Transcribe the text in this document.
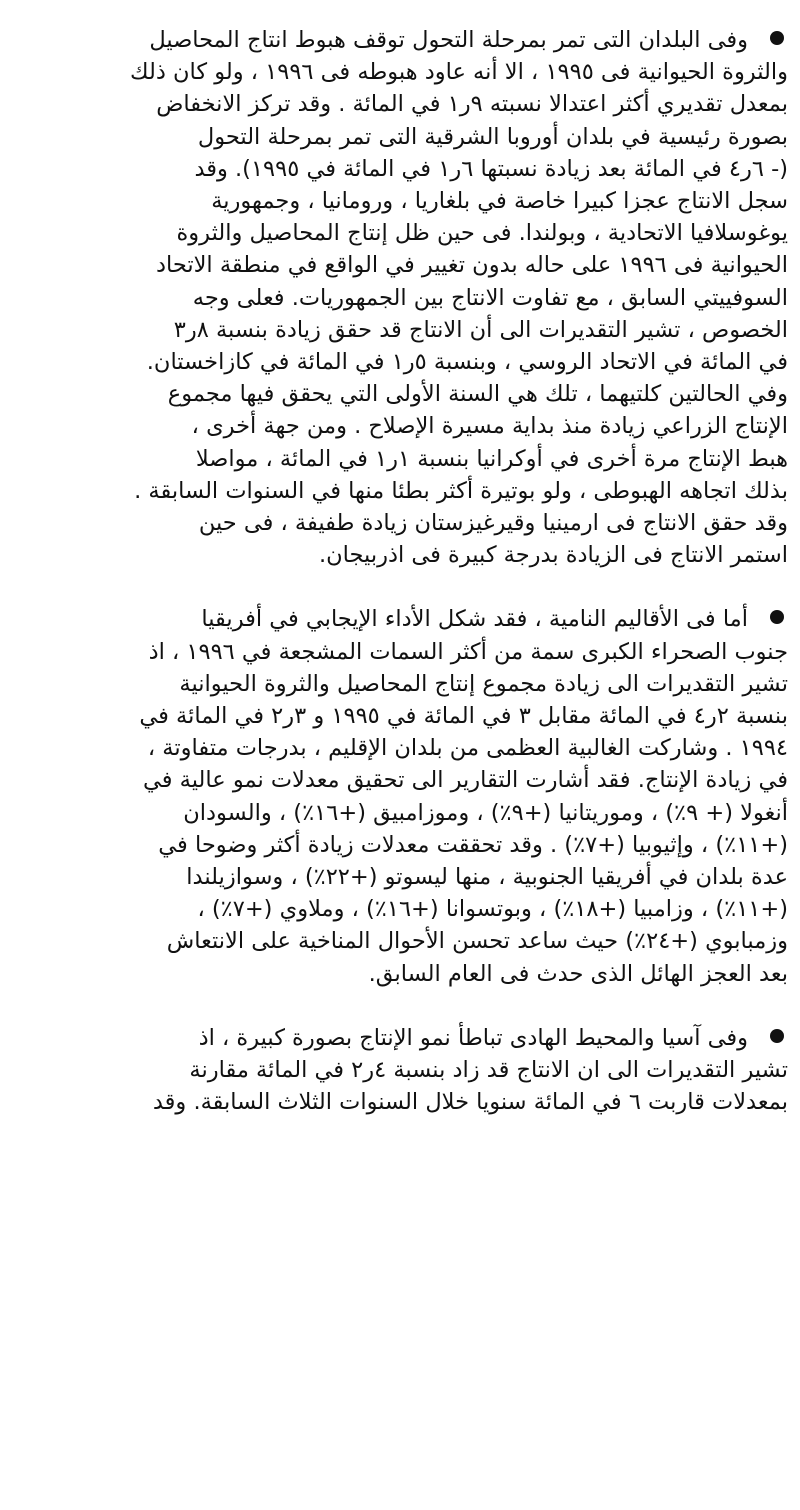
وفى البلدان التى تمر بمرحلة التحول توقف هبوط انتاج المحاصيل
والثروة الحيوانية فى ١٩٩٥ ، الا أنه عاود هبوطه فى ١٩٩٦ ، ولو كان ذلك
بمعدل تقديري أكثر اعتدالا نسبته ٩ر١ في المائة . وقد تركز الانخفاض
بصورة رئيسية في بلدان أوروبا الشرقية التى تمر بمرحلة التحول
(- ٦ر٤ في المائة بعد زيادة نسبتها ٦ر١ في المائة في ١٩٩٥). وقد
سجل الانتاج عجزا كبيرا خاصة في بلغاريا ، ورومانيا ، وجمهورية
يوغوسلافيا الاتحادية ، وبولندا. فى حين ظل إنتاج المحاصيل والثروة
الحيوانية فى ١٩٩٦ على حاله بدون تغيير في الواقع في منطقة الاتحاد
السوفييتي السابق ، مع تفاوت الانتاج بين الجمهوريات. فعلى وجه
الخصوص ، تشير التقديرات الى أن الانتاج قد حقق زيادة بنسبة ٨ر٣
في المائة في الاتحاد الروسي ، وبنسبة ٥ر١ في المائة في كازاخستان.
وفي الحالتين كلتيهما ، تلك هي السنة الأولى التي يحقق فيها مجموع
الإنتاج الزراعي زيادة منذ بداية مسيرة الإصلاح . ومن جهة أخرى ،
هبط الإنتاج مرة أخرى في أوكرانيا بنسبة ١ر١ في المائة ، مواصلا
بذلك اتجاهه الهبوطى ، ولو بوتيرة أكثر بطئا منها في السنوات السابقة .
وقد حقق الانتاج فى ارمينيا وقيرغيزستان زيادة طفيفة ، فى حين
استمر الانتاج فى الزيادة بدرجة كبيرة فى اذربيجان.

أما فى الأقاليم النامية ، فقد شكل الأداء الإيجابي في أفريقيا
جنوب الصحراء الكبرى سمة من أكثر السمات المشجعة في ١٩٩٦ ، اذ
تشير التقديرات الى زيادة مجموع إنتاج المحاصيل والثروة الحيوانية
بنسبة ٢ر٤ في المائة مقابل ٣ في المائة في ١٩٩٥ و ٣ر٢ في المائة في
١٩٩٤ . وشاركت الغالبية العظمى من بلدان الإقليم ، بدرجات متفاوتة ،
في زيادة الإنتاج. فقد أشارت التقارير الى تحقيق معدلات نمو عالية في
أنغولا (+ ٩٪) ، وموريتانيا (+٩٪) ، وموزامبيق (+١٦٪) ، والسودان
(+١١٪) ، وإثيوبيا (+٧٪) . وقد تحققت معدلات زيادة أكثر وضوحا في
عدة بلدان في أفريقيا الجنوبية ، منها ليسوتو (+٢٢٪) ، وسوازيلندا
(+١١٪) ، وزامبيا (+١٨٪) ، وبوتسوانا (+١٦٪) ، وملاوي (+٧٪) ،
وزمبابوي (+٢٤٪) حيث ساعد تحسن الأحوال المناخية على الانتعاش
بعد العجز الهائل الذى حدث فى العام السابق.

وفى آسيا والمحيط الهادى تباطأ نمو الإنتاج بصورة كبيرة ، اذ
تشير التقديرات الى ان الانتاج قد زاد بنسبة ٤ر٢ في المائة مقارنة
بمعدلات قاربت ٦ في المائة سنويا خلال السنوات الثلاث السابقة. وقد
